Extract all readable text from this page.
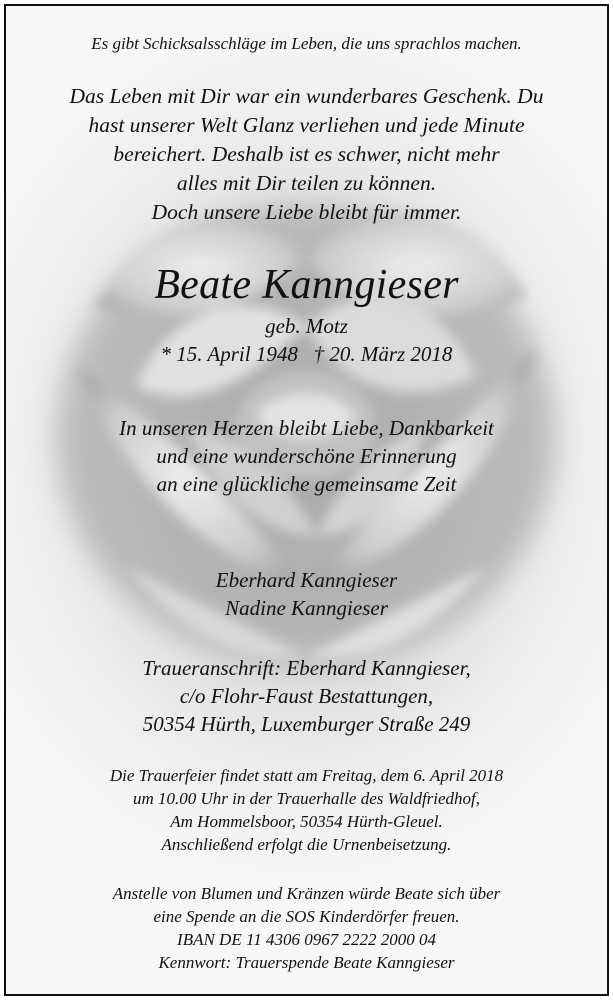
Es gibt Schicksalsschläge im Leben, die uns sprachlos machen.
Das Leben mit Dir war ein wunderbares Geschenk. Du
hast unserer Welt Glanz verliehen und jede Minute
bereichert. Deshalb ist es schwer, nicht mehr
alles mit Dir teilen zu können.
Doch unsere Liebe bleibt für immer.
Beate Kanngieser
geb. Motz
* 15. April 1948   † 20. März 2018
In unseren Herzen bleibt Liebe, Dankbarkeit
und eine wunderschöne Erinnerung
an eine glückliche gemeinsame Zeit
Eberhard Kanngieser
Nadine Kanngieser
Traueranschrift: Eberhard Kanngieser,
c/o Flohr-Faust Bestattungen,
50354 Hürth, Luxemburger Straße 249
Die Trauerfeier findet statt am Freitag, dem 6. April 2018
um 10.00 Uhr in der Trauerhalle des Waldfriedhof,
Am Hommelsboor, 50354 Hürth-Gleuel.
Anschließend erfolgt die Urnenbeisetzung.
Anstelle von Blumen und Kränzen würde Beate sich über
eine Spende an die SOS Kinderdörfer freuen.
IBAN DE 11 4306 0967 2222 2000 04
Kennwort: Trauerspende Beate Kanngieser
